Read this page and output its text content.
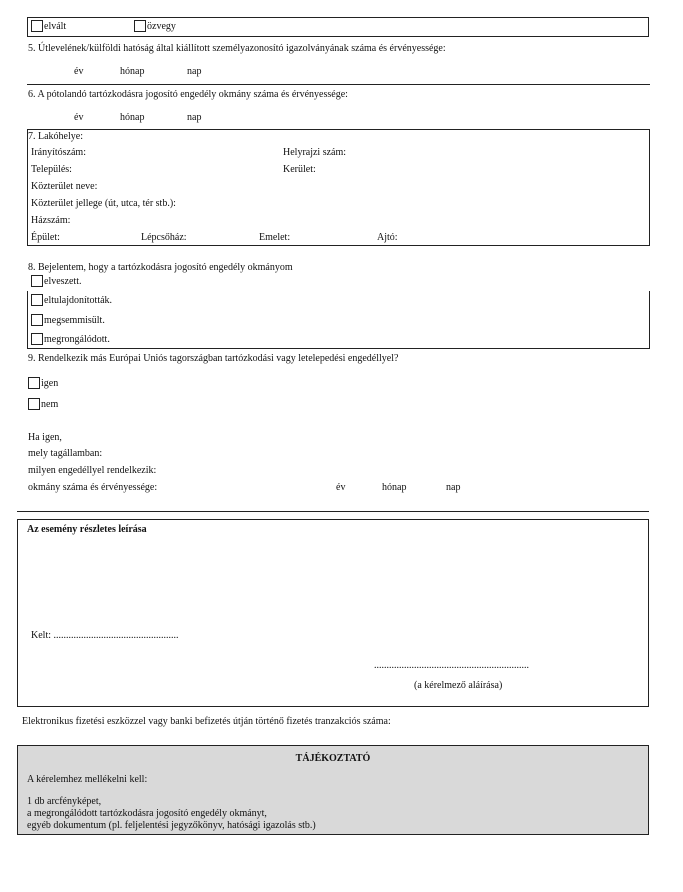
elvált	özvegy
5. Útlevelének/külföldi hatóság által kiállított személyazonosító igazolványának száma és érvényessége:
év	hónap	nap
6. A pótolandó tartózkodásra jogosító engedély okmány száma és érvényessége:
év	hónap	nap
7. Lakóhelye:
Irányítószám:	Helyrajzi szám:
Település:	Kerület:
Közterület neve:
Közterület jellege (út, utca, tér stb.):
Házszám:
Épület:	Lépcsőház:	Emelet:	Ajtó:
8. Bejelentem, hogy a tartózkodásra jogosító engedély okmányom
elveszett.
eltulajdonították.
megsemmisült.
megrongálódott.
9. Rendelkezik más Európai Uniós tagországban tartózkodási vagy letelepedési engedéllyel?
igen
nem
Ha igen,
mely tagállamban:
milyen engedéllyel rendelkezik:
okmány száma és érvényessége:	év	hónap	nap
Az esemény részletes leírása
Kelt: ..................................................
..............................................................
(a kérelmező aláírása)
Elektronikus fizetési eszközzel vagy banki befizetés útján történő fizetés tranzakciós száma:
TÁJÉKOZTATÓ
A kérelemhez mellékelni kell:
1 db arcfényképet,
a megrongálódott tartózkodásra jogosító engedély okmányt,
egyéb dokumentum (pl. feljelentési jegyzőkönyv, hatósági igazolás stb.)
